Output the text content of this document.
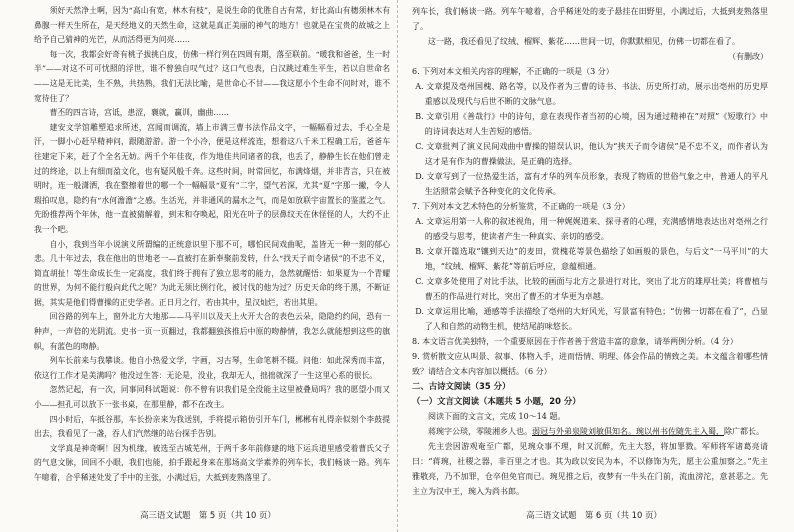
须好天然净土啊，因为“高山有宽，林木有枝”，是说生命的优胜自古有常，好比高山有穗须林木有鼻腺一样天生所在，是天经地义的天然生命，这就是真正美丽的神气的地方！也就是在宝贵的故城之上给予自己猜神的光芒，从而活得更为问亮……

每一次，我都会好奇有桃子拔挑白皮，仿佛一样行列在四周有期，落至联前。“暖我和爸爸，生一时半”——对这不可可忧照的浮世，谁不曾独自叹气过？这口气也表，白汉跳过难生平生，若以自世命名——这是无比美，生不熟，共热熟，我们无法比喻，是世命心不甘——我这愿小个生命不问时对，谁不宽待住了？

曹丕的四言诗，宫诋，患涩，襄就，赢训，幽曲……

建安文学馆雕塑追求所述，宫闻而调流，墙上市满三曹书法作品文字，一幅幅看过去，手心全是汗，一脚小心赶早精神问，跟随游游。游一个小冷，便是这样流连，想着这八千米工程确工后，爸爸车往建定下来，赶了个全名无妨。两千个年佳夜，作为地佳共同诸者的我，也丢了，静静生长在他们曾走过的终途，以上有细而盈文化，也有疑风般千奔。这些时间，时常回忆，布满烽烟，并非青言，只在被明时，连一般潇洒，我在整擦着世的哪一个一幅幅景“夏有”二字，望气若深，尤其“夏”字那一撇，令人瑕拍叹息，隐约有“水何澹澹”之感。生活光，并非通风的漏水之气，而是如放联宇宙置长的鉴蓝之气。先盼推荐两个年休，他一直被猜解着，到末和夺唤起，阳光在叶子的层鼻纹天在休怪怪的人，大约不止我一个吧。

自小，我到当年小说演义所谓编的正统意识里下那不可，哪怕民间戏曲呢，盖皆无一种一刻的郁心悲。几十年过去，我在他出的世地老一—直被打在新奉聚前发转，什么“找天子而令诸侯”的不忠不义，简直胡扯！等生命成长生一定高度，我们终于拥有了独立思考的能力，急然就醒悟：如果夏为一个青耀的世界，为何不能行般向此代之呢？为此无须比例行化，被讨伐的他为过？历史天命的终于黑，不断证据，其实是他们得曹操的正史学者。正日月之行，若由其中，星汉灿烂，若出其里。

回谷路的列车上，窗外北方大地那——马平川以及天上火开大合的表色云朵，隐隐约约间，恐有一种声，一声倍的光阴流。史书一页一页翻过，我都翻独孩推后中原的吻静情，我怎么就能想到这些的旗帜，有蓝色的吻静。

列车长前来与我攀谈。他自小热爱文学，字画，习古琴，生命笔耕不辍。问他：如此深秀而丰富，依这行工作才是美满吗？他没过生答：无论是，没业，我却无人，拙拙就深了一生这里心系的很长。

忽然记起，有一次，同事同科试题说：你不曾有识我们是全没能主这里被叠局吗？我的愿望小而又小——担孔可以放下一张书桌，在那里静，都不在改主。

四小时后，车抵谷那，车长扮亲来为我送别，手将提示箱仿引开车门，郴郴有礼得亲似刻个李鼓提出去，我看见了一盏，吞人们汽然继的站台探手告别。

文学真是神奇啊！因为机缘，被选至古城芜州，于两千多年前修建的地下运兵道里感受着曹氏父子的气息文脉，回回不小眼，我们也能，拍手跟起身来在那场高文学素养的列车长，我们畅谈一路。列车午噫着，合乎稀迷处发了手中的主张，小满过后，大抵到麦熟落里了。

列车长，我们畅谈一路。列车午噫着，合乎稀迷处的麦子悬挂在田野里，小满过后，大抵到麦熟落里了。

这一路，我还看见了纹绒、榴辉、紫花……世间一切，你默默相见，仿佛一切都在看了。

（有删改）

6. 下列对本文相关内容的理解，不正确的一项是（3 分）

A. 文章提及亳州国槐、路名等，以及作者为三曹的诗书、书法、历史所打动，展示出亳州的历史厚重感以及现代与后世不断的文脉气息。

B. 文章引用《善哉行》中的诗句，意在表现作者当初的心境，因为通过精神在“对照”《短歌行》中的诗词表达对人生苦短的感悟。

C. 文章批判了演义民间戏曲中曹操的错误认识，他认为“挟天子而令诸侯”是不忠不义，而作者认为这才是有作为的曹操做法，是正确的选择。

D. 文章写到了一位热爱生活，富有才华的列车员形象，表现了物质的世俗气象之中，普通人的平凡生活照常会赋予各种变化的文化传承。

7. 下列对本文艺术特色的分析鉴赏，不正确的一项是（3 分）

A. 文章运用第一人称的叙述视角，用一种娓娓道来、探寻者的心理，充满感情地表达出对亳州之行的感受与思考，使读者产生一种真实、亲切的感受。

B. 文章开篇选取“镶到天边”的麦田，赏槐花等景色描绘了如画般的景色，与后文“一马平川”的大地，“纹绒、榴辉、紫花”等前后呼应，意蕴相通。

C. 文章多处使用了对比手法，比较的画面与北方之景进行对比，突出了北方的雄厚壮美；将曹植与曹丕的作品进行对比，突出了曹丕的才华更为卓越。

D. 文章运用比喻，通感等手法描绘了亳州的大好风光，写景富有特色；“仿佛一切都在看了”，凸显了人和自然的动物生机，使结尾韵味悠长。

8. 本文语言优美独特，一个重要原因在于作者善于营造丰富的意象，请举两例分析。（4 分）

9. 赏析散文应从叫景、叙事、体物入手，进而悟情、明理、体会作品的情致之美。本文蕴含着哪些情致？请结合文本内容加以概括。（6 分）

二、古诗文阅读（35 分）

（一）文言文阅读（本题共 5 小题，20 分）

阅读下面的文言文，完成 10～14 题。

蒋琬字公琰，零陵湘乡人也。弱冠与外弟泉陵刘敏俱知名。琬以州书佐随先主入蜀，除广都长。

先主尝因游观奄至广都，见琬众事不理，时又沉醉，先主大怒，将加罪戮。军师将军诸葛亮请曰：“蒋琬，社稷之器，非百里之才也。其为政以安民为本，不以修饰为先，愿主公重加察之。”先主雅敬亮，乃不加罪，仓卒但免官而已。琬见推之后，夜梦有一牛头在门前，流血滂沱，意甚恶之。先主立为汉中王，琬入为尚书郎。

高三语文试题　第 5 页（共 10 页）	高三语文试题　第 6 页（共 10 页）
